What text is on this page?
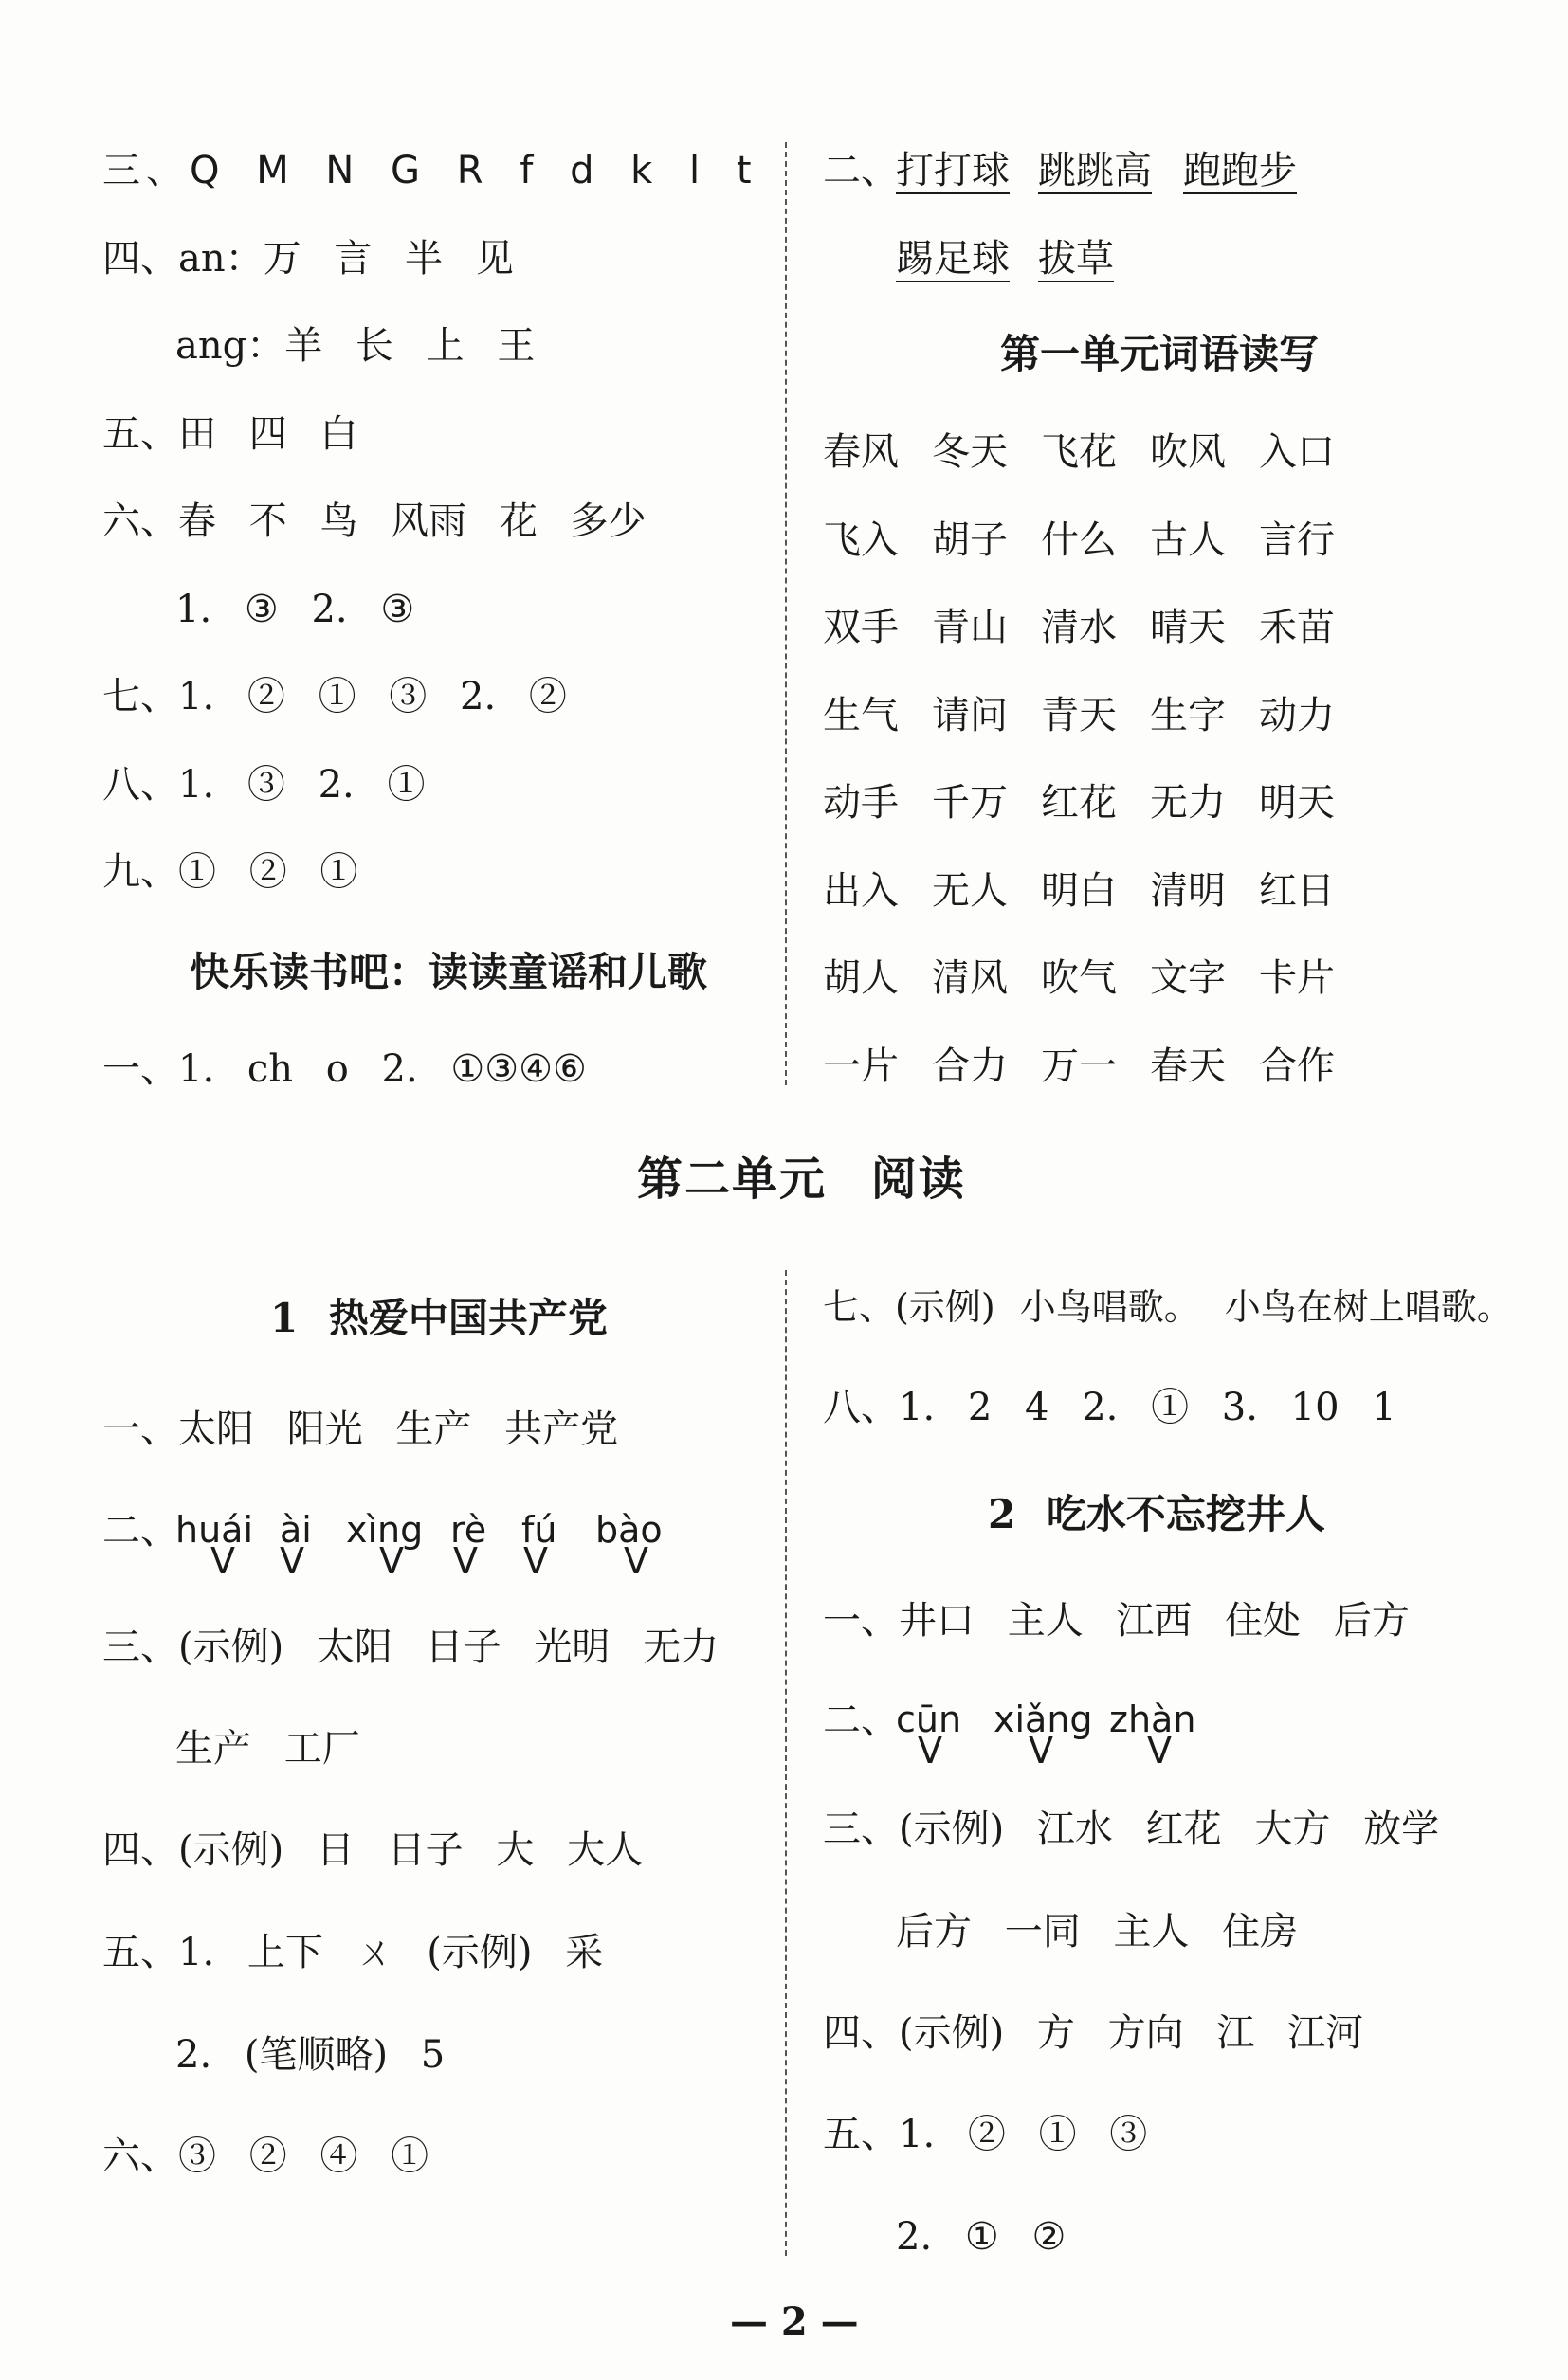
三、Q M N G R f d k l t
四、an：万 言 半 见
ang：羊 长 上 王
五、田 四 白
六、春 不 鸟 风雨 花 多少
1. ③ 2. ③
七、1. ② ① ③ 2. ②
八、1. ③ 2. ①
九、① ② ①
快乐读书吧：读读童谣和儿歌
一、1. ch o 2. ①③④⑥
二、
打打球 跳跳高 跑跑步
踢足球 拔草
第一单元词语读写
春风 冬天 飞花 吹风 入口
飞入 胡子 什么 古人 言行
双手 青山 清水 晴天 禾苗
生气 请问 青天 生字 动力
动手 千万 红花 无力 明天
出入 无人 明白 清明 红日
胡人 清风 吹气 文字 卡片
一片 合力 万一 春天 合作
第二单元 阅读
1 热爱中国共产党
一、太阳 阳光 生产 共产党
二、
huái ài xìng rè fú bào
V V V V V V
三、(示例) 太阳 日子 光明 无力
生产 工厂
四、(示例) 日 日子 大 大人
五、1. 上下 ㄨ (示例) 采
2. (笔顺略) 5
六、③ ② ④ ①
七、(示例) 小鸟唱歌。 小鸟在树上唱歌。
八、1. 2 4 2. ① 3. 10 1
2 吃水不忘挖井人
一、井口 主人 江西 住处 后方
二、
cūn xiǎng zhàn
V V	V
三、(示例) 江水 红花 大方 放学
后方 一同 主人 住房
四、(示例) 方 方向 江 江河
五、1. ② ① ③
2. ① ②
— 2 —
